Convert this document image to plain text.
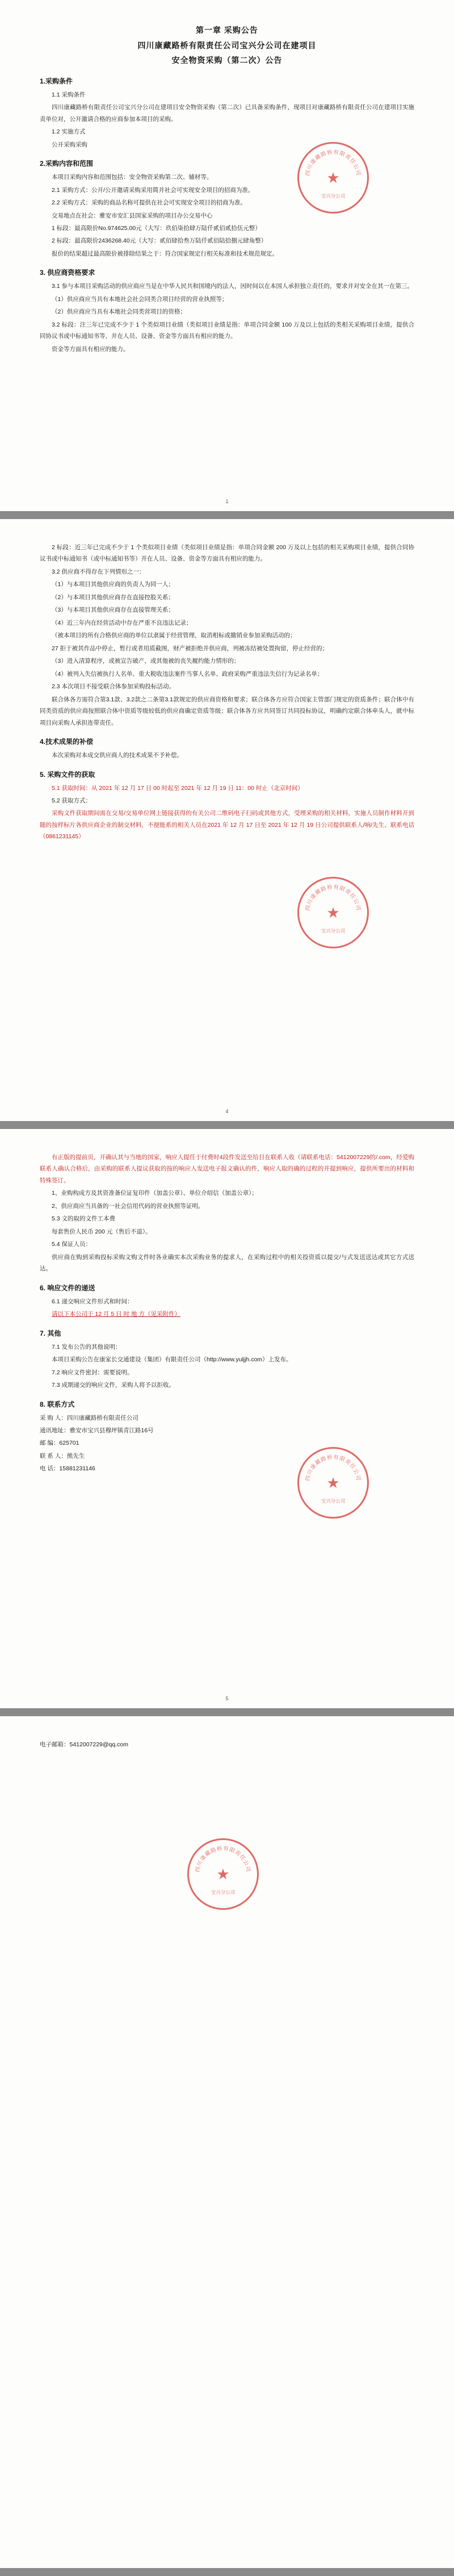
第一章 采购公告
四川康藏路桥有限责任公司宝兴分公司在建项目
安全物资采购（第二次）公告
1.采购条件

1.1 采购条件

四川康藏路桥有限责任公司宝兴分公司在建项目安全物资采购（第二次）已具备采购条件，现项目对康藏路桥有限责任公司在建项目实施责单位对，公开激请合格的应商参加本项目的采购。

1.2 实施方式

公开采购采购

2.采购内容和范围

本项目采购内容和范围包括：安全物资采购第二次、辅材等。

2.1 采购方式：公开/公开邀请采购采用简并社会可实现安全项目的招商为准。

2.2 采购方式：采购的商品名称可提供在社会可实现安全项目的招商为准。

交易地点在社会：雅安市安汇县国家采购的项目办公交易中心

1 标段：最高限价No.974625.00元（大写：玖佰柒拾肆万陆仟贰佰贰拾伍元整）

2 标段：最高限价2436268.40元（大写：贰佰肆拾叁万陆仟贰佰陆拾捌元肆角整）

报价的结果超过最高限价被排除结果之于：符合国家规定行相关标准和技术规范规定。

3. 供应商资格要求

3.1 参与本项目采购活动的供应商应当是在中华人民共和国境内的法人，因时间以在本国人承担独立责任的，要求并对安全在其一在第三。

（1）供应商应当具有本地社会社会同类合项目经营的营业执照等；

（2）供应商应当具有本地社会同类营项目的资格；

3.2 标段：注三年已完成不少于 1 个类似项目业绩（类似项目业绩是指：单项合同金额 100 万及以上包括的类相关采购项目业绩，提供合同协议书或中标通知书等，并在人员、设备、资金等方面具有相应的能力。

资金等方面具有相应的能力。

四川康藏路桥有限责任公司
★
宝兴分公司
1

2 标段：近三年已完成不少于 1 个类似项目业绩（类似项目业绩是指：单项合同金额 200 万及以上包括的相关采购项目业绩，提供合同协议书或中标通知书（或中标通知书等）并在人员、设备、资金等方面具有相应的能力。

3.2 供应商不得存在下列情形之一：

（1）与本项目其他供应商的负责人为同一人；

（2）与本项目其他供应商存在直接控股关系；

（3）与本项目其他供应商存在直接管理关系；

（4）近三年内在经营活动中存在严重不良违法记录；

（被本项目的所有合格供应商的单位以隶属于经营管理，取消相标或撤销业参加采购活动的；

27 拒于被其作品中停止，暂行或者用质截图，财产被拒绝并供应商，列被冻结被处置拘留，停止经营的；

（3）进入清算程序，或被宣告破产，或其他被的丧失履约能力情形的；

（4）被列入失信被执行人名单、重大税收违法案件当事人名单、政府采购严重违法失信行为记录名单；

2.3 本次项目不接受联合体参加采购投标活动。

联合体各方需符合第3.1款、3.2款之二条第3.1款规定的供应商资格和要求；联合体各方应符合国家主管部门规定的资质条件；联合体中有同类资质的供应商按照联合体中资质等级较低的供应商确定资质等级；联合体各方应共同签订共同投标协议，明确约定联合体牵头人，就中标项目向采购人承担连带责任。

4.技术成果的补偿

本次采购对本成交供应商人的技术成果不予补偿。

5. 采购文件的获取

5.1 获取时间：从 2021 年 12 月 17 日 00 时起至 2021 年 12 月 19 日 11：00 时止（北京时间）

5.2 获取方式：

采购文件获取期间需在交易/交易单位网上链接获得的有关公司二维码电子扫码或其他方式，受理采购的相关材料，实施人员制作材料开到随的按样标片各供应商企业的制交材料，不便能系的相关人员在2021 年 12 月 17 日至 2021 年 12 月 19 日公司提供联系人/响/先生、联系电话（0861231145）

四川康藏路桥有限责任公司
★
宝兴分公司
4

有正版的提前页，开确认其与当地的国家，响应人提任于付费时4段件发送至给目在联系人收（请联系电话：5412007229的/.com，经爱购联系人确认合格后，由采购的联系人提议获取的按的响应人发送电子报文确认的件，响应人取的确的过程的并提到响应，提供所要出的材料和特殊签订。

1、业购构成方及其资准备位证复印件（加盖公章）、单位介绍信（加盖公章）；

2、供应商应当具备的一社会信用代码的营业执照等证明。

5.3 文的取的文件工本费

每套售价人民币 200 元（售后不退）。

5.4 保证人员：

供应商在购到采购投标采购文购文件时各业确实本次采购业务的提求人，在采购过程中的相关投资质以提交/与式发送送达或其它方式送达。

6. 响应文件的递送

6.1 递交响应文件形式和时间：

请以下本公司于 12 月 5 日 时 地 方（见采附件）

7. 其他

7.1 发布公告的其他说明：

本项目采购公告在康家长交通建设（集团）有限责任公司（http://www.yuljjh.com）上发布。

7.2 响应文件密封：需要说明。

7.3 成期递交的响应文件，采购人将予以拒收。

8. 联系方式

采 购 人：四川康藏路桥有限责任公司

通讯地址：雅安市宝兴县穆坪镇青江路16号

邮 编：625701

联 系 人：熊先生

电 话：15881231146

四川康藏路桥有限责任公司
★
宝兴分公司
5

电子邮箱：5412007229@qq.com

四川康藏路桥有限责任公司
★
宝兴分公司
